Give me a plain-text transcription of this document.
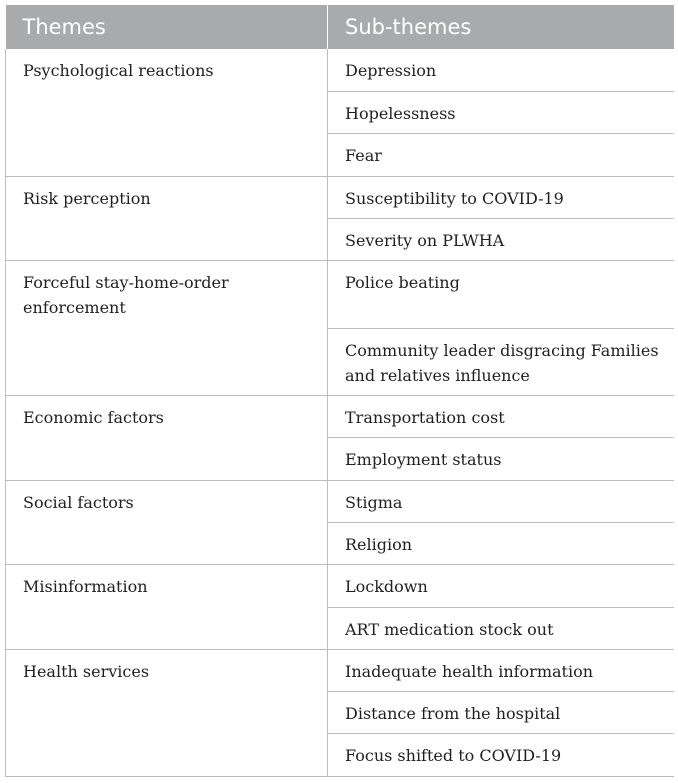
Themes	Sub-themes
Psychological reactions	Depression
	Hopelessness
	Fear
Risk perception	Susceptibility to COVID-19
	Severity on PLWHA
Forceful stay-home-order enforcement	Police beating
	Community leader disgracing Families and relatives influence
Economic factors	Transportation cost
	Employment status
Social factors	Stigma
	Religion
Misinformation	Lockdown
	ART medication stock out
Health services	Inadequate health information
	Distance from the hospital
	Focus shifted to COVID-19
